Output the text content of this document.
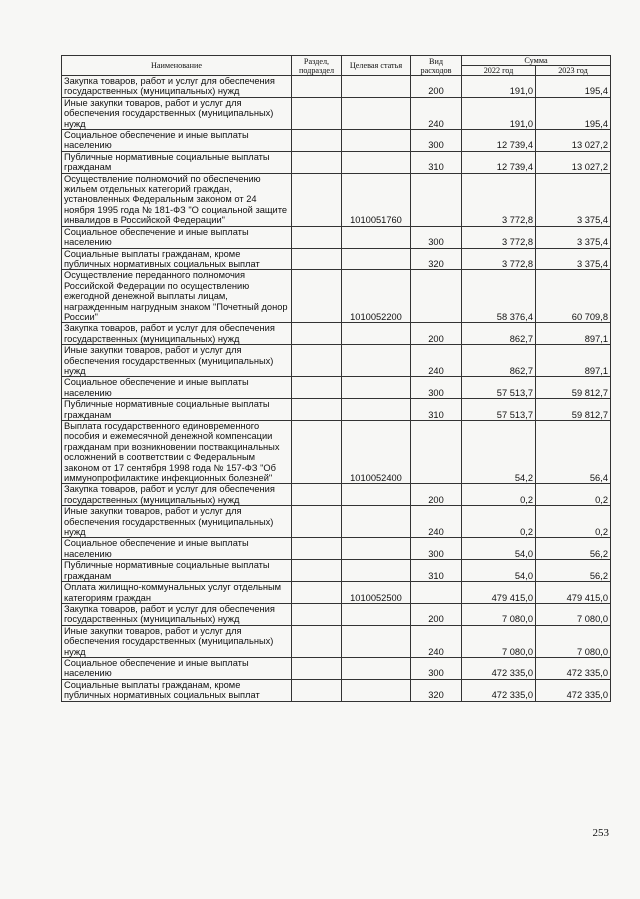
Наименование	Раздел, подраздел	Целевая статья	Вид расходов	Сумма	
				2022 год	2023 год
Закупка товаров, работ и услуг для обеспечения государственных (муниципальных) нужд			200	191,0	195,4
Иные закупки товаров, работ и услуг для обеспечения государственных (муниципальных) нужд			240	191,0	195,4
Социальное обеспечение и иные выплаты населению			300	12 739,4	13 027,2
Публичные нормативные социальные выплаты гражданам			310	12 739,4	13 027,2
Осуществление полномочий по обеспечению жильем отдельных категорий граждан, установленных Федеральным законом от 24 ноября 1995 года № 181-ФЗ "О социальной защите инвалидов в Российской Федерации"		1010051760		3 772,8	3 375,4
Социальное обеспечение и иные выплаты населению			300	3 772,8	3 375,4
Социальные выплаты гражданам, кроме публичных нормативных социальных выплат			320	3 772,8	3 375,4
Осуществление переданного полномочия Российской Федерации по осуществлению ежегодной денежной выплаты лицам, награжденным нагрудным знаком "Почетный донор России"		1010052200		58 376,4	60 709,8
Закупка товаров, работ и услуг для обеспечения государственных (муниципальных) нужд			200	862,7	897,1
Иные закупки товаров, работ и услуг для обеспечения государственных (муниципальных) нужд			240	862,7	897,1
Социальное обеспечение и иные выплаты населению			300	57 513,7	59 812,7
Публичные нормативные социальные выплаты гражданам			310	57 513,7	59 812,7
Выплата государственного единовременного пособия и ежемесячной денежной компенсации гражданам при возникновении поствакцинальных осложнений в соответствии с Федеральным законом от 17 сентября 1998 года № 157-ФЗ "Об иммунопрофилактике инфекционных болезней"		1010052400		54,2	56,4
Закупка товаров, работ и услуг для обеспечения государственных (муниципальных) нужд			200	0,2	0,2
Иные закупки товаров, работ и услуг для обеспечения государственных (муниципальных) нужд			240	0,2	0,2
Социальное обеспечение и иные выплаты населению			300	54,0	56,2
Публичные нормативные социальные выплаты гражданам			310	54,0	56,2
Оплата жилищно-коммунальных услуг отдельным категориям граждан		1010052500		479 415,0	479 415,0
Закупка товаров, работ и услуг для обеспечения государственных (муниципальных) нужд			200	7 080,0	7 080,0
Иные закупки товаров, работ и услуг для обеспечения государственных (муниципальных) нужд			240	7 080,0	7 080,0
Социальное обеспечение и иные выплаты населению			300	472 335,0	472 335,0
Социальные выплаты гражданам, кроме публичных нормативных социальных выплат			320	472 335,0	472 335,0
253
